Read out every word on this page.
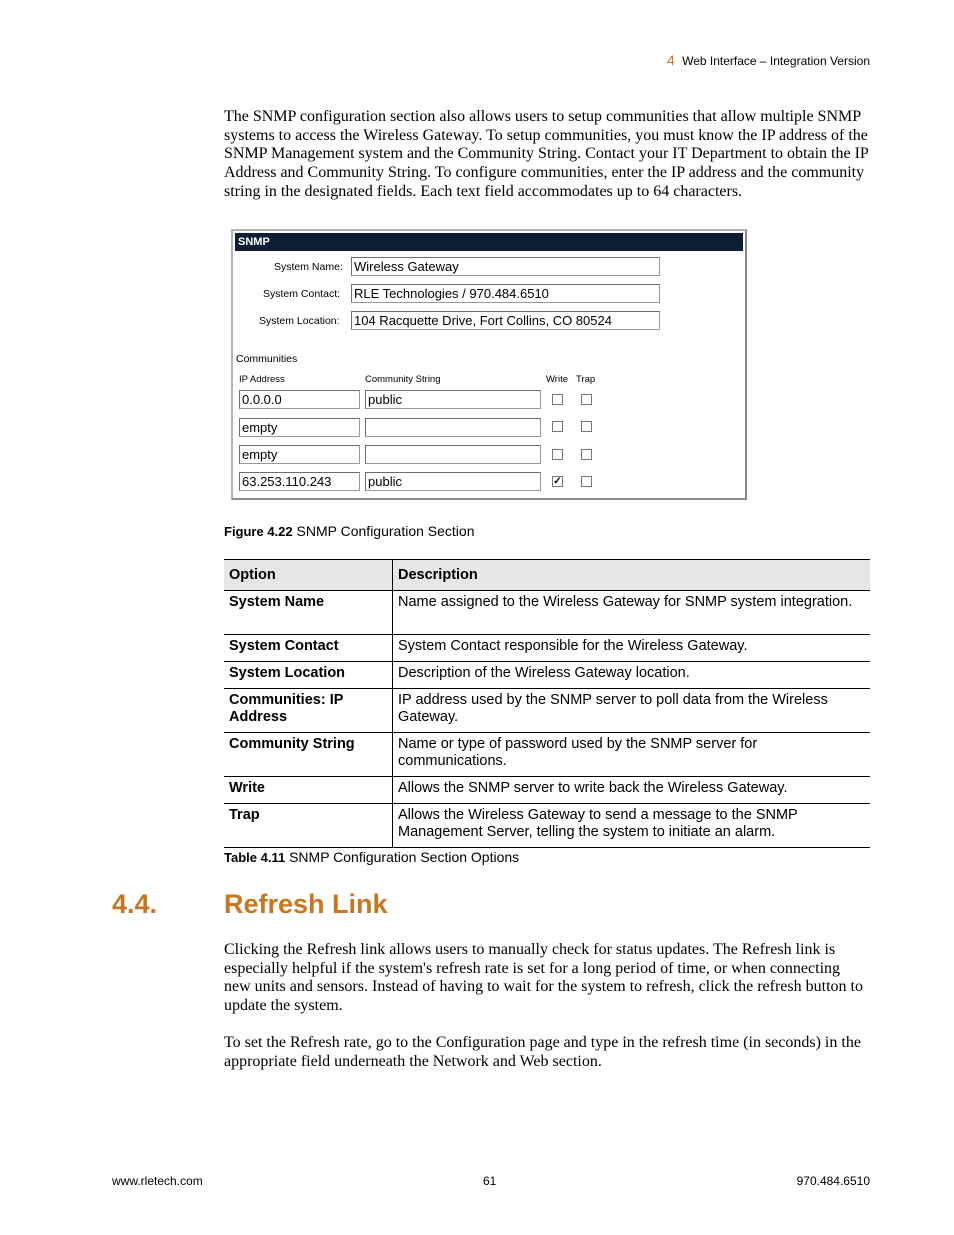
4 Web Interface – Integration Version
The SNMP configuration section also allows users to setup communities that allow multiple SNMP systems to access the Wireless Gateway. To setup communities, you must know the IP address of the SNMP Management system and the Community String. Contact your IT Department to obtain the IP Address and Community String. To configure communities, enter the IP address and the community string in the designated fields. Each text field accommodates up to 64 characters.
SNMP
System Name: Wireless Gateway
System Contact: RLE Technologies / 970.484.6510
System Location: 104 Racquette Drive, Fort Collins, CO 80524
Communities
IP Address	Community String	Write Trap
0.0.0.0	public
empty
empty
63.253.110.243	public	✓
Figure 4.22 SNMP Configuration Section
Option	Description
System Name	Name assigned to the Wireless Gateway for SNMP system integration.
System Contact	System Contact responsible for the Wireless Gateway.
System Location	Description of the Wireless Gateway location.
Communities: IP Address	IP address used by the SNMP server to poll data from the Wireless Gateway.
Community String	Name or type of password used by the SNMP server for communications.
Write	Allows the SNMP server to write back the Wireless Gateway.
Trap	Allows the Wireless Gateway to send a message to the SNMP Management Server, telling the system to initiate an alarm.
Table 4.11 SNMP Configuration Section Options
4.4. Refresh Link
Clicking the Refresh link allows users to manually check for status updates. The Refresh link is especially helpful if the system's refresh rate is set for a long period of time, or when connecting new units and sensors. Instead of having to wait for the system to refresh, click the refresh button to update the system.
To set the Refresh rate, go to the Configuration page and type in the refresh time (in seconds) in the appropriate field underneath the Network and Web section.
www.rletech.com	61	970.484.6510
